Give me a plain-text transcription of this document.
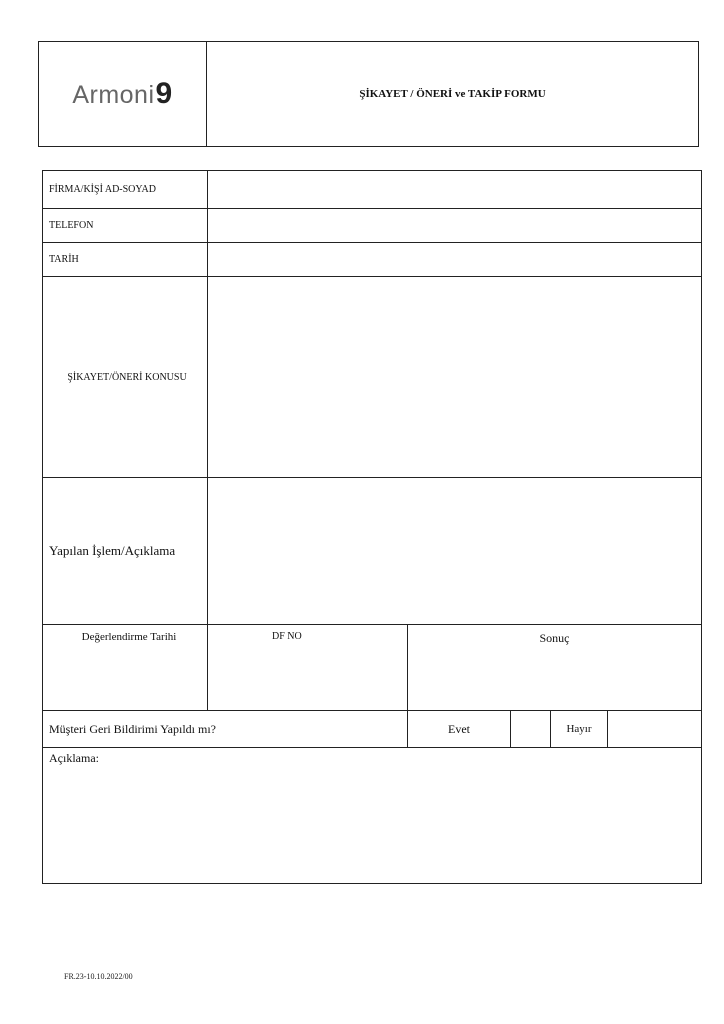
Armoni 9	ŞİKAYET / ÖNERİ ve TAKİP FORMU
FİRMA/KİŞİ AD-SOYAD
TELEFON
TARİH
ŞİKAYET/ÖNERİ KONUSU
Yapılan İşlem/Açıklama
Değerlendirme Tarihi	DF NO	Sonuç
Müşteri Geri Bildirimi Yapıldı mı?	Evet	Hayır
Açıklama:
FR.23-10.10.2022/00
